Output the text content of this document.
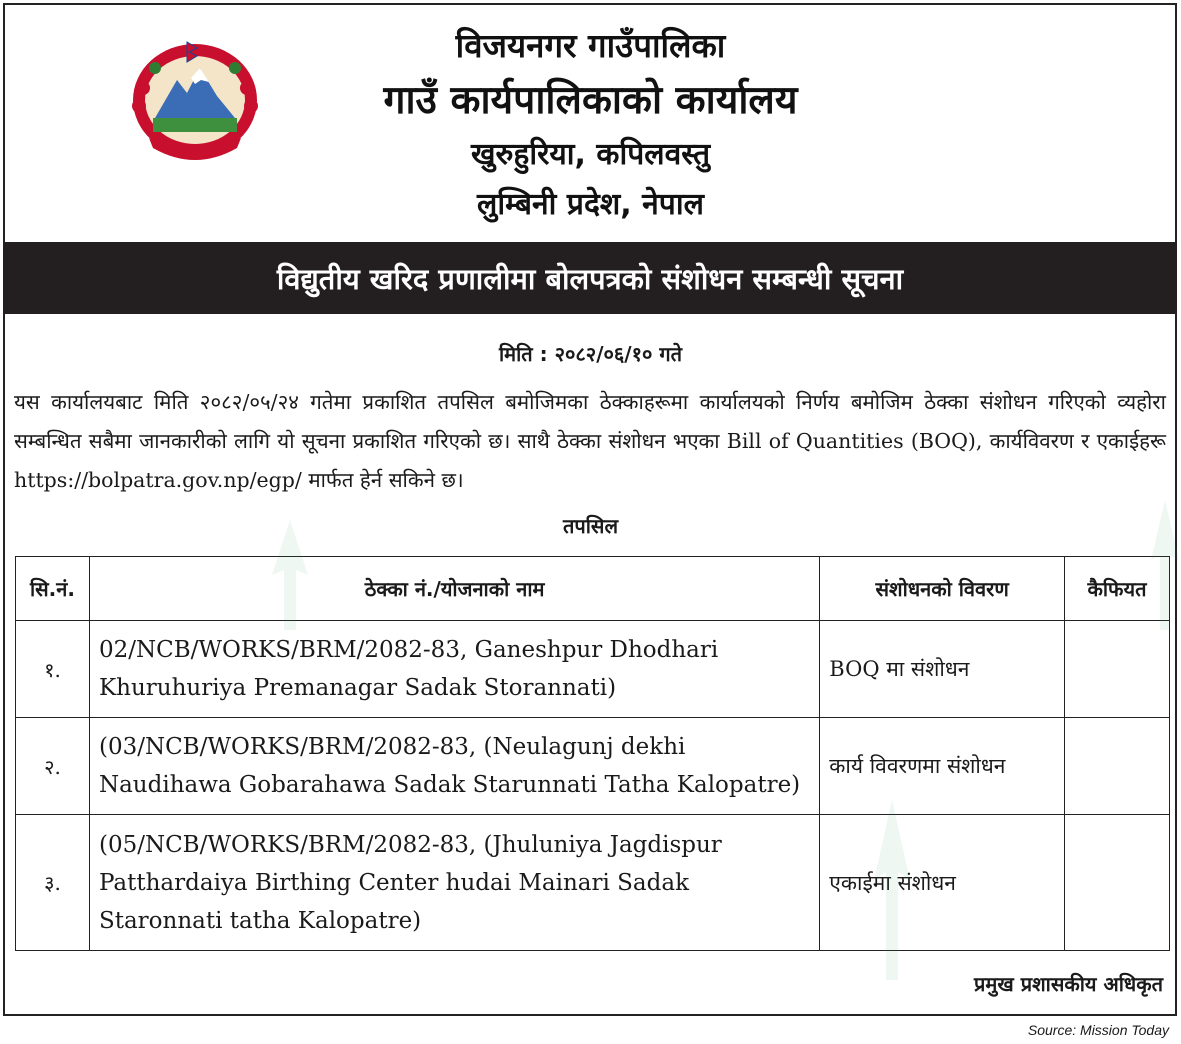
विजयनगर गाउँपालिका
गाउँ कार्यपालिकाको कार्यालय
खुरुहुरिया, कपिलवस्तु
लुम्बिनी प्रदेश, नेपाल
विद्युतीय खरिद प्रणालीमा बोलपत्रको संशोधन सम्बन्धी सूचना
मिति : २०८२/०६/१० गते
यस कार्यालयबाट मिति २०८२/०५/२४ गतेमा प्रकाशित तपसिल बमोजिमका ठेक्काहरूमा कार्यालयको निर्णय बमोजिम ठेक्का संशोधन गरिएको व्यहोरा सम्बन्धित सबैमा जानकारीको लागि यो सूचना प्रकाशित गरिएको छ। साथै ठेक्का संशोधन भएका Bill of Quantities (BOQ), कार्यविवरण र एकाईहरू https://bolpatra.gov.np/egp/ मार्फत हेर्न सकिने छ।
तपसिल
सि.नं.	ठेक्का नं./योजनाको नाम	संशोधनको विवरण	कैफियत
१.	02/NCB/WORKS/BRM/2082-83, Ganeshpur Dhodhari Khuruhuriya Premanagar Sadak Storannati)	BOQ मा संशोधन	
२.	(03/NCB/WORKS/BRM/2082-83, (Neulagunj dekhi Naudihawa Gobarahawa Sadak Starunnati Tatha Kalopatre)	कार्य विवरणमा संशोधन	
३.	(05/NCB/WORKS/BRM/2082-83, (Jhuluniya Jagdispur Patthardaiya Birthing Center hudai Mainari Sadak Staronnati tatha Kalopatre)	एकाईमा संशोधन	
प्रमुख प्रशासकीय अधिकृत
Source: Mission Today
